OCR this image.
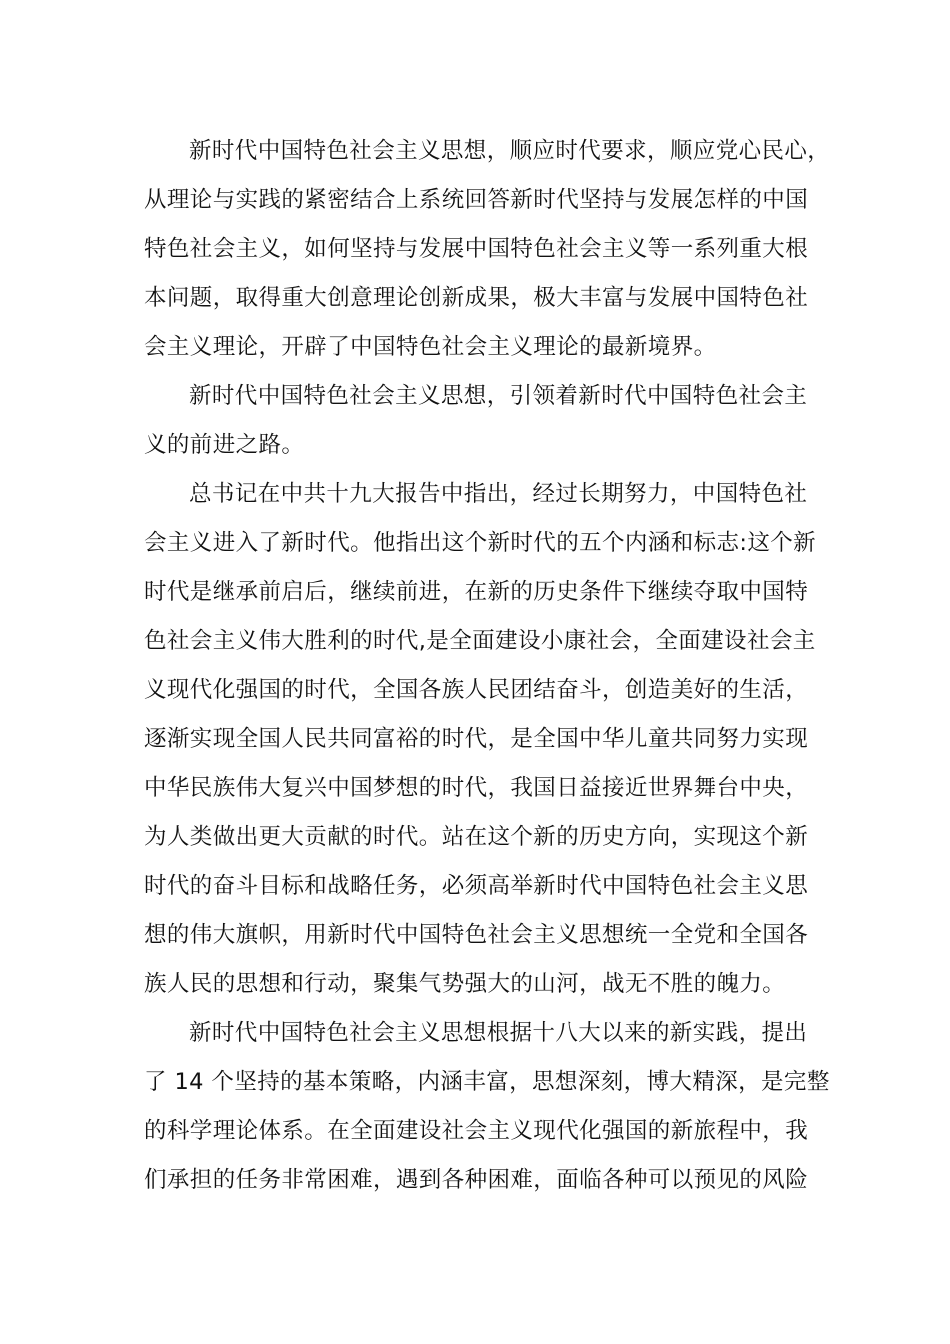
新时代中国特色社会主义思想，顺应时代要求，顺应党心民心，
从理论与实践的紧密结合上系统回答新时代坚持与发展怎样的中国
特色社会主义，如何坚持与发展中国特色社会主义等一系列重大根
本问题，取得重大创意理论创新成果，极大丰富与发展中国特色社
会主义理论，开辟了中国特色社会主义理论的最新境界。
新时代中国特色社会主义思想，引领着新时代中国特色社会主
义的前进之路。
总书记在中共十九大报告中指出，经过长期努力，中国特色社
会主义进入了新时代。他指出这个新时代的五个内涵和标志:这个新
时代是继承前启后，继续前进，在新的历史条件下继续夺取中国特
色社会主义伟大胜利的时代,是全面建设小康社会，全面建设社会主
义现代化强国的时代，全国各族人民团结奋斗，创造美好的生活，
逐渐实现全国人民共同富裕的时代，是全国中华儿童共同努力实现
中华民族伟大复兴中国梦想的时代，我国日益接近世界舞台中央，
为人类做出更大贡献的时代。站在这个新的历史方向，实现这个新
时代的奋斗目标和战略任务，必须高举新时代中国特色社会主义思
想的伟大旗帜，用新时代中国特色社会主义思想统一全党和全国各
族人民的思想和行动，聚集气势强大的山河，战无不胜的魄力。
新时代中国特色社会主义思想根据十八大以来的新实践，提出
了 14 个坚持的基本策略，内涵丰富，思想深刻，博大精深，是完整
的科学理论体系。在全面建设社会主义现代化强国的新旅程中，我
们承担的任务非常困难，遇到各种困难，面临各种可以预见的风险
